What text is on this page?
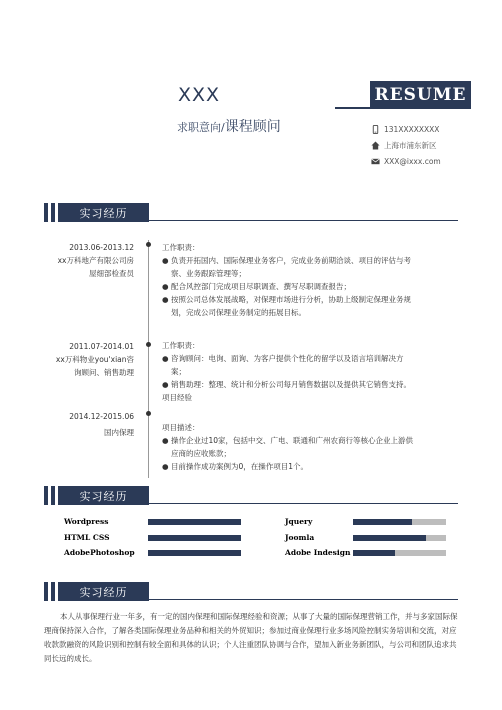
XXX
求职意向/课程顾问
RESUME
131XXXXXXXX
上海市浦东新区
XXX@ixxx.com
实习经历
2013.06-2013.12
xx万科地产有限公司房
屋细部检查员
工作职责：
● 负责开拓国内、国际保理业务客户，完成业务前期洽谈、项目的评估与考察、业务跟踪管理等；
● 配合风控部门完成项目尽职调查、撰写尽职调查报告；
● 按照公司总体发展战略，对保理市场进行分析，协助上级制定保理业务规划，完成公司保理业务制定的拓展目标。
2011.07-2014.01
xx万科物业you'xian咨
询顾问、销售助理
工作职责：
● 咨询顾问：电询、面询、为客户提供个性化的留学以及语言培训解决方案；
● 销售助理：整理、统计和分析公司每月销售数据以及提供其它销售支持。
项目经验
2014.12-2015.06
国内保理
项目描述：
● 操作企业过10家，包括中交、广电、联通和广州农商行等核心企业上游供应商的应收账款；
● 目前操作成功案例为0，在操作项目1个。
实习经历
Wordpress	Jquery
HTML CSS	Joomla
AdobePhotoshop	Adobe Indesign
实习经历
本人从事保理行业一年多，有一定的国内保理和国际保理经验和资源；从事了大量的国际保理营销工作，并与多家国际保理商保持深入合作，了解各类国际保理业务品种和相关的外贸知识；参加过商业保理行业多场风险控制实务培训和交流，对应收款款融资的风险识别和控制有较全面和具体的认识；个人注重团队协调与合作，望加入新业务新团队，与公司和团队追求共同长远的成长。
